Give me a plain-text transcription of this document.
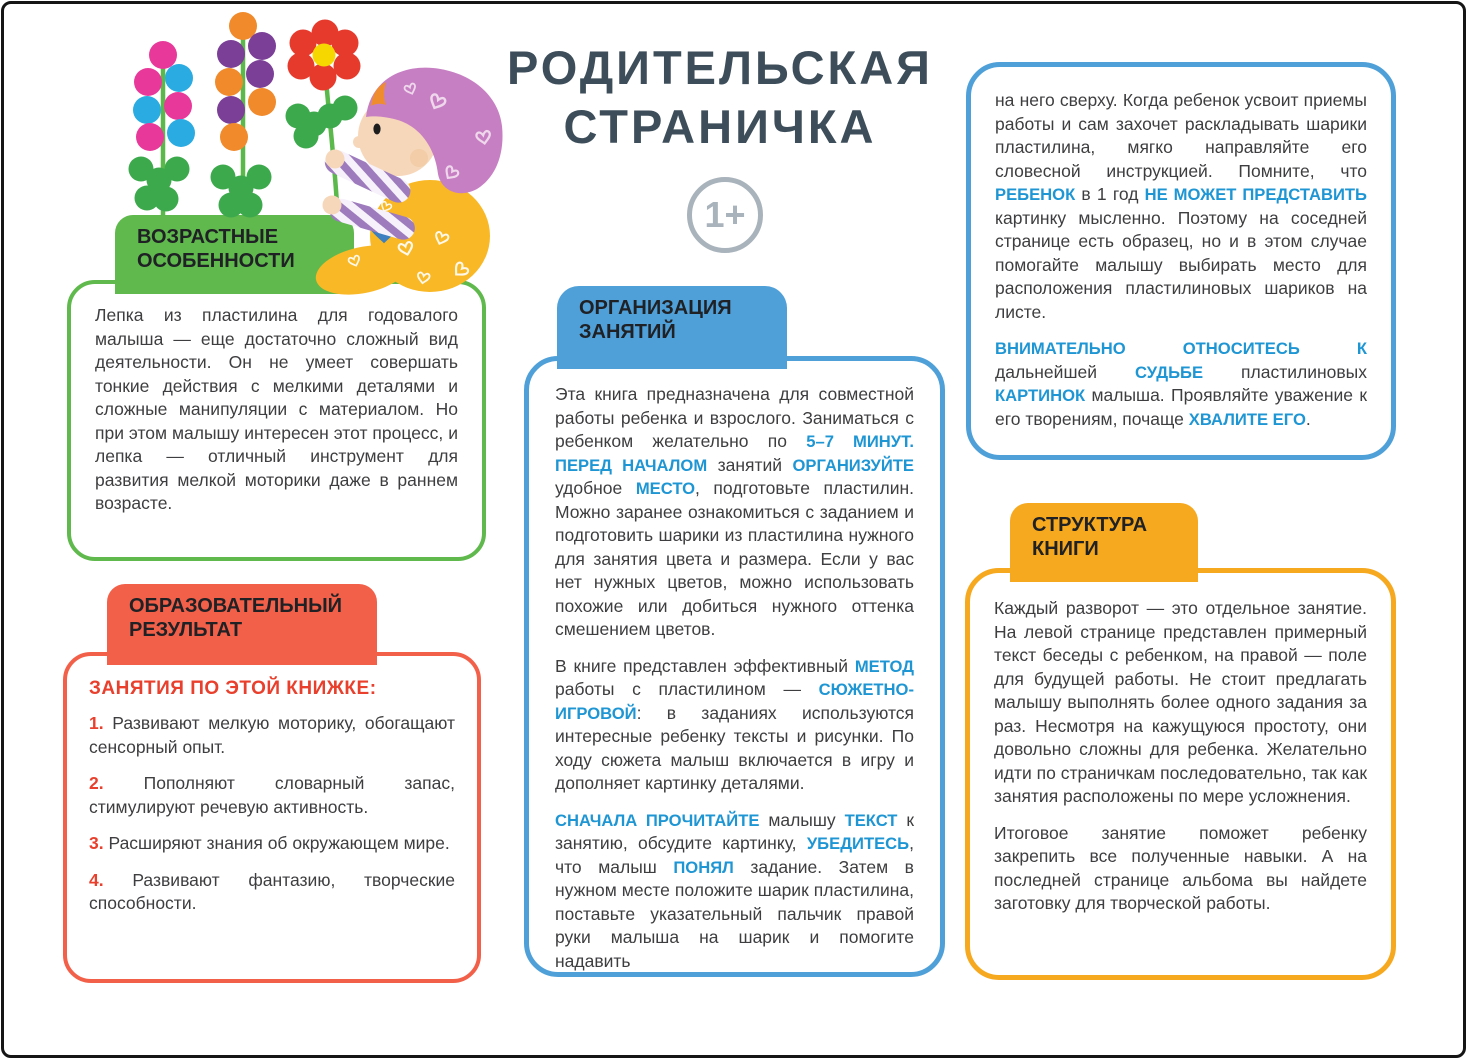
РОДИТЕЛЬСКАЯ
СТРАНИЧКА
1+
ВОЗРАСТНЫЕ
ОСОБЕННОСТИ

Лепка из пластилина для годовалого малыша — еще достаточно сложный вид деятельности. Он не умеет совершать тонкие действия с мелкими деталями и сложные манипуляции с материалом. Но при этом малышу интересен этот процесс, и лепка — отличный инструмент для развития мелкой моторики даже в раннем возрасте.

ОБРАЗОВАТЕЛЬНЫЙ
РЕЗУЛЬТАТ
ЗАНЯТИЯ ПО ЭТОЙ КНИЖКЕ:

1. Развивают мелкую моторику, обогащают сенсорный опыт.

2. Пополняют словарный запас, стимулируют речевую активность.

3. Расширяют знания об окружающем мире.

4. Развивают фантазию, творческие способности.

ОРГАНИЗАЦИЯ
ЗАНЯТИЙ

Эта книга предназначена для совместной работы ребенка и взрослого. Заниматься с ребенком желательно по 5–7 МИНУТ. ПЕРЕД НАЧАЛОМ занятий ОРГАНИЗУЙТЕ удобное МЕСТО, подготовьте пластилин. Можно заранее ознакомиться с заданием и подготовить шарики из пластилина нужного для занятия цвета и размера. Если у вас нет нужных цветов, можно использовать похожие или добиться нужного оттенка смешением цветов.

В книге представлен эффективный МЕТОД работы с пластилином — СЮЖЕТНО-ИГРОВОЙ: в заданиях используются интересные ребенку тексты и рисунки. По ходу сюжета малыш включается в игру и дополняет картинку деталями.

СНАЧАЛА ПРОЧИТАЙТЕ малышу ТЕКСТ к занятию, обсудите картинку, УБЕДИТЕСЬ, что малыш ПОНЯЛ задание. Затем в нужном месте положите шарик пластилина, поставьте указательный пальчик правой руки малыша на шарик и помогите надавить

на него сверху. Когда ребенок усвоит приемы работы и сам захочет раскладывать шарики пластилина, мягко направляйте его словесной инструкцией. Помните, что РЕБЕНОК в 1 год НЕ МОЖЕТ ПРЕДСТАВИТЬ картинку мысленно. Поэтому на соседней странице есть образец, но и в этом случае помогайте малышу выбирать место для расположения пластилиновых шариков на листе.

ВНИМАТЕЛЬНО ОТНОСИТЕСЬ К дальнейшей СУДЬБЕ пластилиновых КАРТИНОК малыша. Проявляйте уважение к его творениям, почаще ХВАЛИТЕ ЕГО.

СТРУКТУРА
КНИГИ

Каждый разворот — это отдельное занятие. На левой странице представлен примерный текст беседы с ребенком, на правой — поле для будущей работы. Не стоит предлагать малышу выполнять более одного задания за раз. Несмотря на кажущуюся простоту, они довольно сложны для ребенка. Желательно идти по страничкам последовательно, так как занятия расположены по мере усложнения.

Итоговое занятие поможет ребенку закрепить все полученные навыки. А на последней странице альбома вы найдете заготовку для творческой работы.
